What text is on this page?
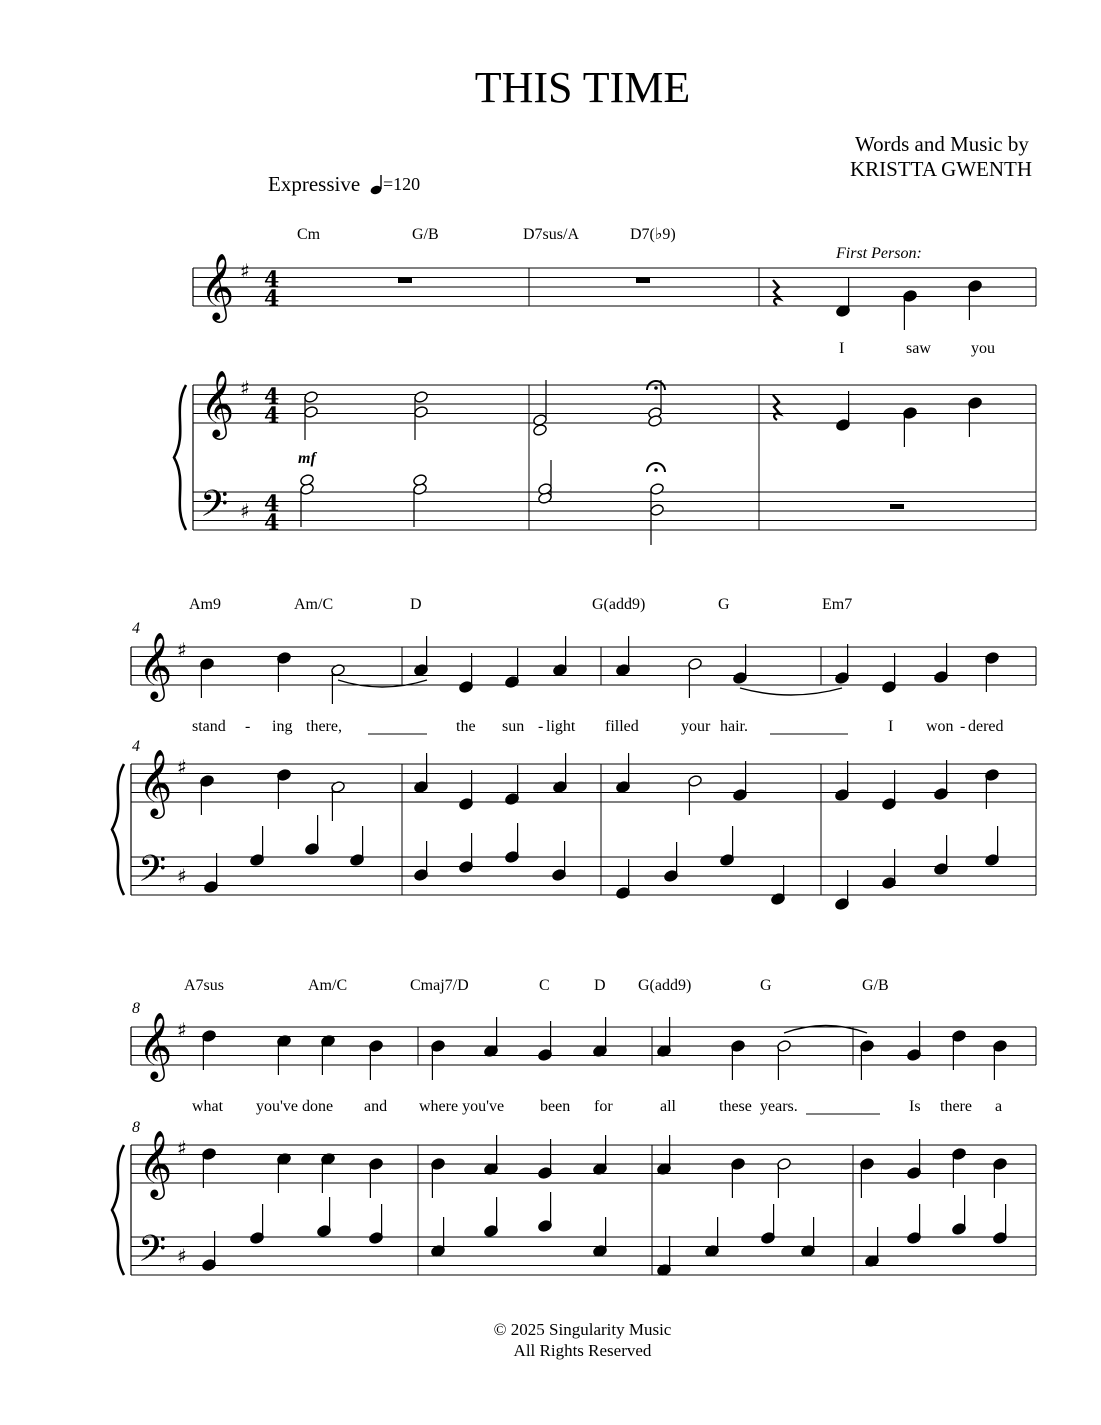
THIS TIME
Words and Music by
KRISTTA GWENTH
Expressive =120
𝄞
𝄞
𝄢
♯
♯
♯
4
4
4
4
4
4
Cm	G/B	D7sus/A	D7(♭9)
𝄞
𝄞
𝄢
♯
♯
♯
4
4
Am9	Am/C	D	G(add9)	G	Em7
𝄞
𝄞
𝄢
♯
♯
♯
8
8
A7sus	Am/C	Cmaj7/D	C	D G(add9)	G	G/B
First Person:
mf
I	saw	you
stand - ing there,	the sun - light filled	your hair.	I won - dered
what you've done and where you've been for	all	these years.	Is there a
© 2025 Singularity Music
All Rights Reserved
